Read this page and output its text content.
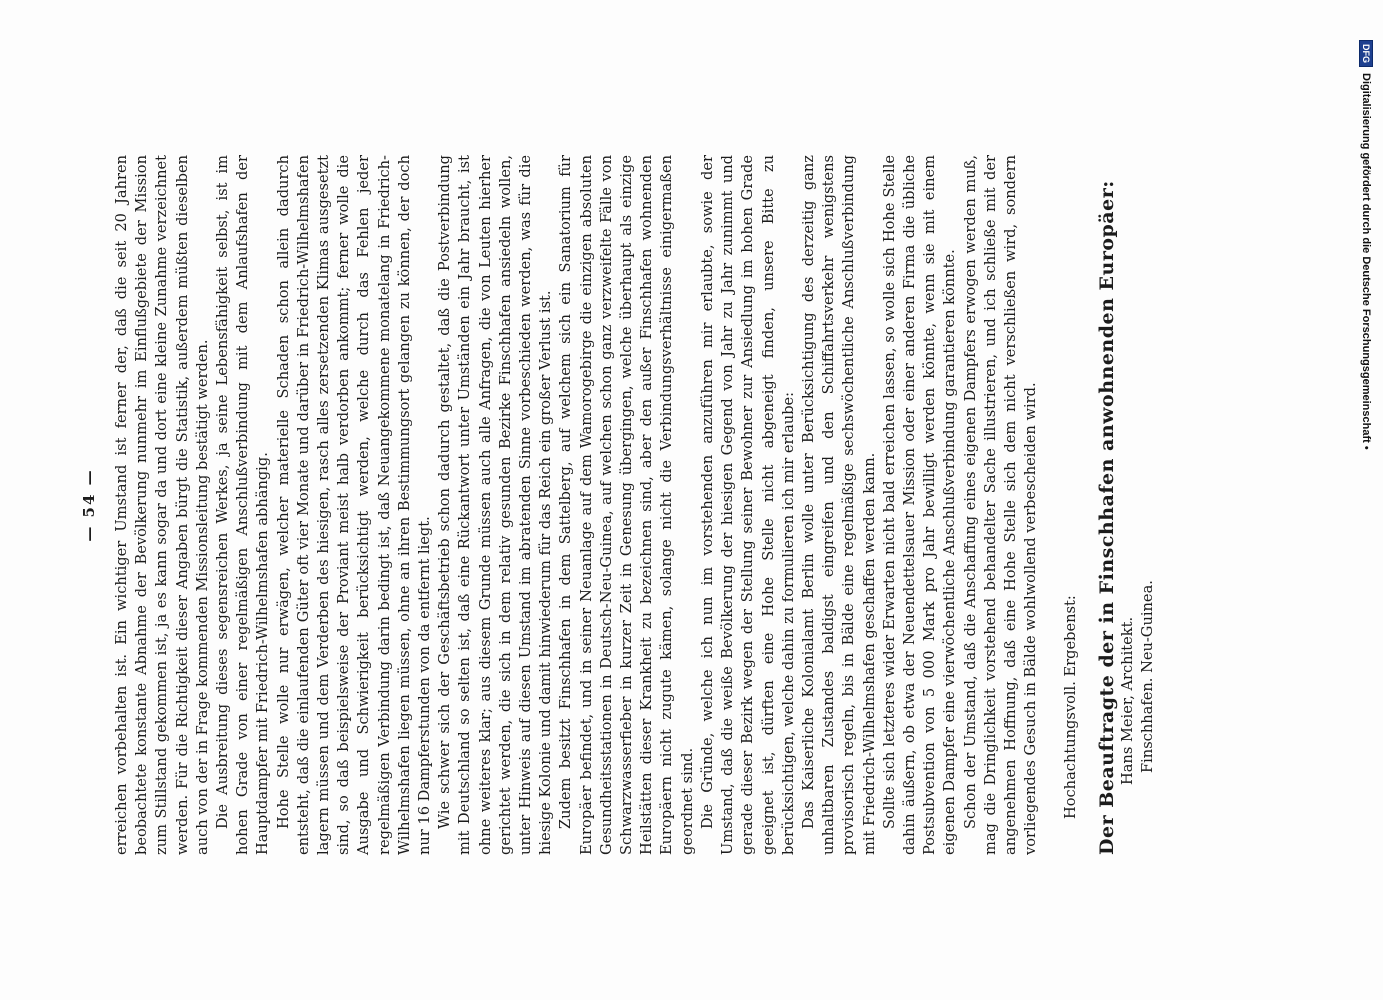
— 54 — erreichen vorbehalten ist. Ein wichtiger Umstand ist ferner der, daß die seit 20 Jahren beobachtete konstante Abnahme der Bevölkerung nunmehr im Einflußgebiete der Mission zum Stillstand gekommen ist, ja es kann sogar da und dort eine kleine Zunahme verzeichnet werden. Für die Richtigkeit dieser Angaben bürgt die Statistik, außerdem müßten dieselben auch von der in Frage kommenden Missionsleitung bestätigt werden. Die Ausbreitung dieses segensreichen Werkes, ja seine Lebensfähigkeit selbst, ist im hohen Grade von einer regelmäßigen Anschlußverbindung mit dem Anlaufshafen der Hauptdampfer mit Friedrich-Wilhelmshafen abhängig. Hohe Stelle wolle nur erwägen, welcher materielle Schaden schon allein dadurch entsteht, daß die einlaufenden Güter oft vier Monate und darüber in Friedrich-Wilhelmshafen lagern müssen und dem Verderben des hiesigen, rasch alles zersetzenden Klimas ausgesetzt sind, so daß beispielsweise der Proviant meist halb verdorben ankommt; ferner wolle die Ausgabe und Schwierigkeit berücksichtigt werden, welche durch das Fehlen jeder regelmäßigen Verbindung darin bedingt ist, daß Neuangekommene monatelang in Friedrich-Wilhelmshafen liegen müssen, ohne an ihren Bestimmungsort gelangen zu können, der doch nur 16 Dampferstunden von da entfernt liegt. Wie schwer sich der Geschäftsbetrieb schon dadurch gestaltet, daß die Postverbindung mit Deutschland so selten ist, daß eine Rückantwort unter Umständen ein Jahr braucht, ist ohne weiteres klar; aus diesem Grunde müssen auch alle Anfragen, die von Leuten hierher gerichtet werden, die sich in dem relativ gesunden Bezirke Finschhafen ansiedeln wollen, unter Hinweis auf diesen Umstand im abratenden Sinne vorbeschieden werden, was für die hiesige Kolonie und damit hinwiederum für das Reich ein großer Verlust ist. Zudem besitzt Finschhafen in dem Sattelberg, auf welchem sich ein Sanatorium für Europäer befindet, und in seiner Neuanlage auf dem Wamorogebirge die einzigen absoluten Gesundheitsstationen in Deutsch-Neu-Guinea, auf welchen schon ganz verzweifelte Fälle von Schwarzwasserfieber in kurzer Zeit in Genesung übergingen, welche überhaupt als einzige Heilstätten dieser Krankheit zu bezeichnen sind, aber den außer Finschhafen wohnenden Europäern nicht zugute kämen, solange nicht die Verbindungsverhältnisse einigermaßen geordnet sind. Die Gründe, welche ich nun im vorstehenden anzuführen mir erlaubte, sowie der Umstand, daß die weiße Bevölkerung der hiesigen Gegend von Jahr zu Jahr zunimmt und gerade dieser Bezirk wegen der Stellung seiner Bewohner zur Ansiedlung im hohen Grade geeignet ist, dürften eine Hohe Stelle nicht abgeneigt finden, unsere Bitte zu berücksichtigen, welche dahin zu formulieren ich mir erlaube: Das Kaiserliche Kolonialamt Berlin wolle unter Berücksichtigung des derzeitig ganz unhaltbaren Zustandes baldigst eingreifen und den Schiffahrtsverkehr wenigstens provisorisch regeln, bis in Bälde eine regelmäßige sechswöchentliche Anschlußverbindung mit Friedrich-Wilhelmshafen geschaffen werden kann. Sollte sich letzteres wider Erwarten nicht bald erreichen lassen, so wolle sich Hohe Stelle dahin äußern, ob etwa der Neuendettelsauer Mission oder einer anderen Firma die übliche Postsubvention von 5 000 Mark pro Jahr bewilligt werden könnte, wenn sie mit einem eigenen Dampfer eine vierwöchentliche Anschlußverbindung garantieren könnte. Schon der Umstand, daß die Anschaffung eines eigenen Dampfers erwogen werden muß, mag die Dringlichkeit vorstehend behandelter Sache illustrieren, und ich schließe mit der angenehmen Hoffnung, daß eine Hohe Stelle sich dem nicht verschließen wird, sondern vorliegendes Gesuch in Bälde wohlwollend verbescheiden wird. Hochachtungsvoll. Ergebenst: Der Beauftragte der in Finschhafen anwohnenden Europäer: Hans Meier, Architekt. Finschhafen. Neu-Guinea.
DFG
Digitalisierung gefördert durch die Deutsche Forschungsgemeinschaft •
